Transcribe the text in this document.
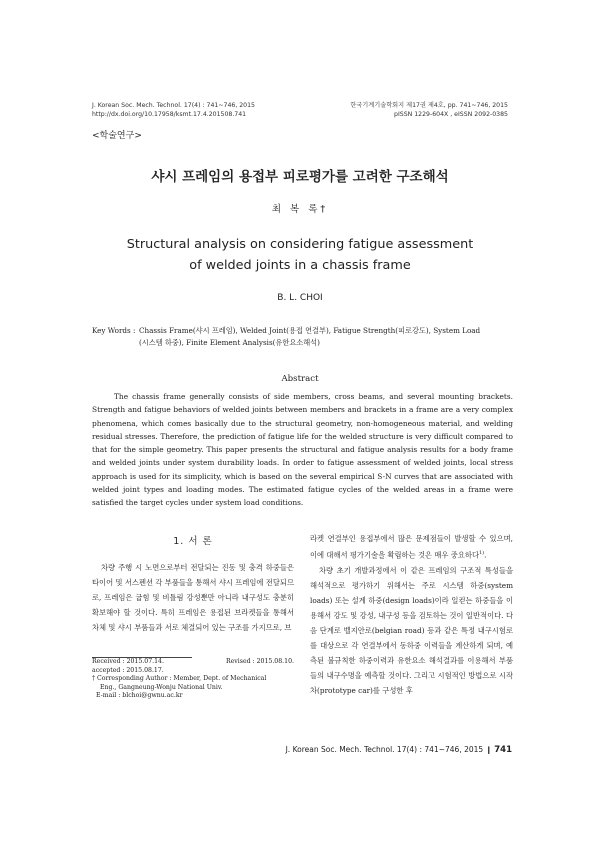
J. Korean Soc. Mech. Technol. 17(4) : 741~746, 2015
http://dx.doi.org/10.17958/ksmt.17.4.201508.741
한국기계기술학회지 제17권 제4호, pp. 741~746, 2015
pISSN 1229-604X , eISSN 2092-0385
<학술연구>
샤시 프레임의 용접부 피로평가를 고려한 구조해석
최 복 록†
Structural analysis on considering fatigue assessment
of welded joints in a chassis frame
B. L. CHOI
Key Words : Chassis Frame(샤시 프레임), Welded Joint(용접 연결부), Fatigue Strength(피로강도), System Load
(시스템 하중), Finite Element Analysis(유한요소해석)
Abstract

The chassis frame generally consists of side members, cross beams, and several mounting brackets. Strength and fatigue behaviors of welded joints between members and brackets in a frame are a very complex phenomena, which comes basically due to the structural geometry, non-homogeneous material, and welding residual stresses. Therefore, the prediction of fatigue life for the welded structure is very difficult compared to that for the simple geometry. This paper presents the structural and fatigue analysis results for a body frame and welded joints under system durability loads. In order to fatigue assessment of welded joints, local stress approach is used for its simplicity, which is based on the several empirical S-N curves that are associated with welded joint types and loading modes. The estimated fatigue cycles of the welded areas in a frame were satisfied the target cycles under system load conditions.

1. 서 론

차량 주행 시 노면으로부터 전달되는 진동 및 충격 하중들은 타이어 및 서스펜션 각 부품들을 통해서 샤시 프레임에 전달되므로, 프레임은 굽힘 및 비틀림 강성뿐만 아니라 내구성도 충분히 확보해야 할 것이다. 특히 프레임은 용접된 브라켓들을 통해서 차체 및 샤시 부품들과 서로 체결되어 있는 구조를 가지므로, 브

라켓 연결부인 용접부에서 많은 문제점들이 발생할 수 있으며, 이에 대해서 평가기술을 확립하는 것은 매우 중요하다$^{1)}$.

차량 초기 개발과정에서 이 같은 프레임의 구조적 특성들을 해석적으로 평가하기 위해서는 주로 시스템 하중(system loads) 또는 설계 하중(design loads)이라 일컫는 하중들을 이용해서 강도 및 강성, 내구성 등을 검토하는 것이 일반적이다. 다음 단계로 벨지안로(belgian road) 등과 같은 특정 내구시험로를 대상으로 각 연결부에서 동하중 이력들을 계산하게 되며, 예측된 불규칙한 하중이력과 유한요소 해석결과를 이용해서 부품들의 내구수명을 예측할 것이다. 그리고 시험적인 방법으로 시작차(prototype car)를 구성한 후

Received : 2015.07.14.	Revised : 2015.08.10.
accepted : 2015.08.17.
† Corresponding Author : Member, Dept. of Mechanical
Eng., Gangneung-Wonju National Univ.
E-mail : blchoi@gwnu.ac.kr
J. Korean Soc. Mech. Technol. 17(4) : 741~746, 2015 ❙ 741
